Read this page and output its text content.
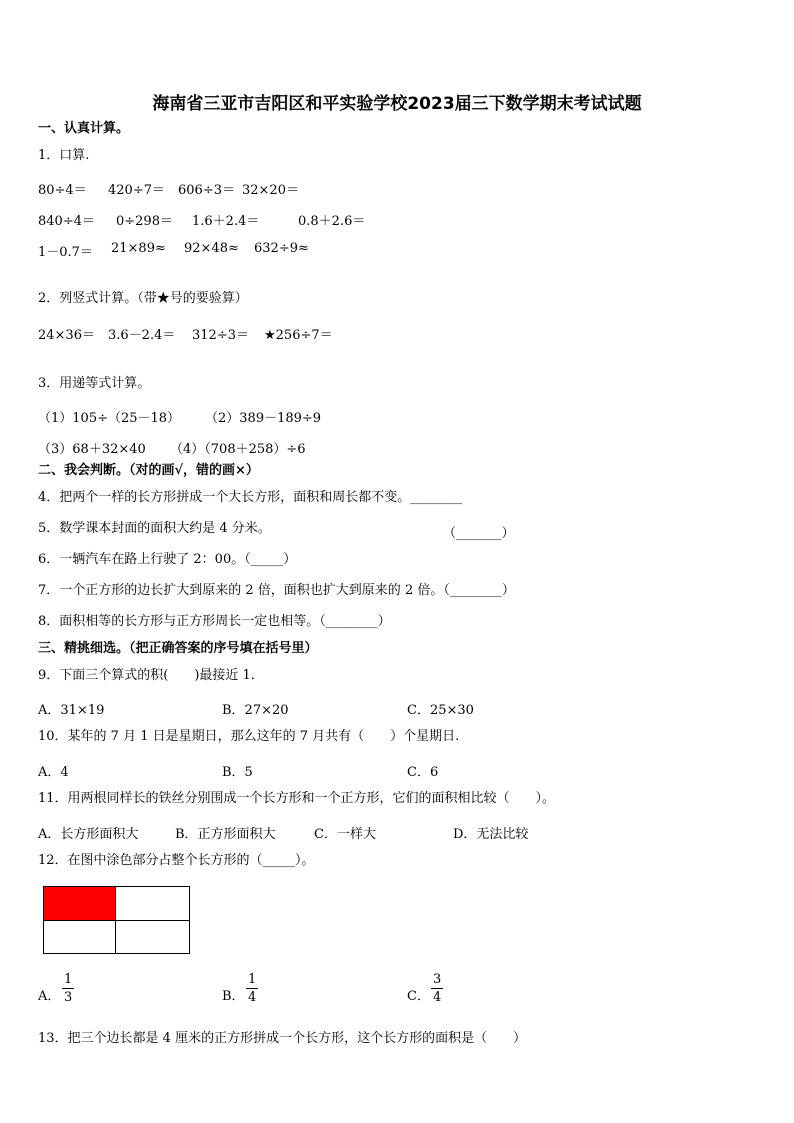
海南省三亚市吉阳区和平实验学校2023届三下数学期末考试试题
一、认真计算。
1．口算.
80÷4＝ 420÷7＝ 606÷3＝ 32×20＝
840÷4＝ 0÷298＝ 1.6＋2.4＝	0.8＋2.6＝
1－0.7＝ 21×89≈ 92×48≈ 632÷9≈
2．列竖式计算。（带★号的要验算）
24×36＝ 3.6－2.4＝ 312÷3＝ ★256÷7＝
3．用递等式计算。
（1）105÷（25－18） （2）389－189÷9
（3）68＋32×40 （4）（708＋258）÷6
二、我会判断。（对的画√，错的画×）
4．把两个一样的长方形拼成一个大长方形，面积和周长都不变。________
5．数学课本封面的面积大约是 4 分米。	（_______）
6．一辆汽车在路上行驶了 2：00。（_____）
7．一个正方形的边长扩大到原来的 2 倍，面积也扩大到原来的 2 倍。（________）
8．面积相等的长方形与正方形周长一定也相等。（________）
三、精挑细选。（把正确答案的序号填在括号里）
9．下面三个算式的积(　　)最接近 1．
A．31×19	B．27×20	C．25×30
10．某年的 7 月 1 日是星期日，那么这年的 7 月共有（　　）个星期日.
A．4	B．5	C．6
11．用两根同样长的铁丝分别围成一个长方形和一个正方形，它们的面积相比较（　　）。
A．长方形面积大	B．正方形面积大	C．一样大	D．无法比较
12．在图中涂色部分占整个长方形的（_____）。
A．
1
3	B．
1
4	C．
3
4
13．把三个边长都是 4 厘米的正方形拼成一个长方形，这个长方形的面积是（　　）
